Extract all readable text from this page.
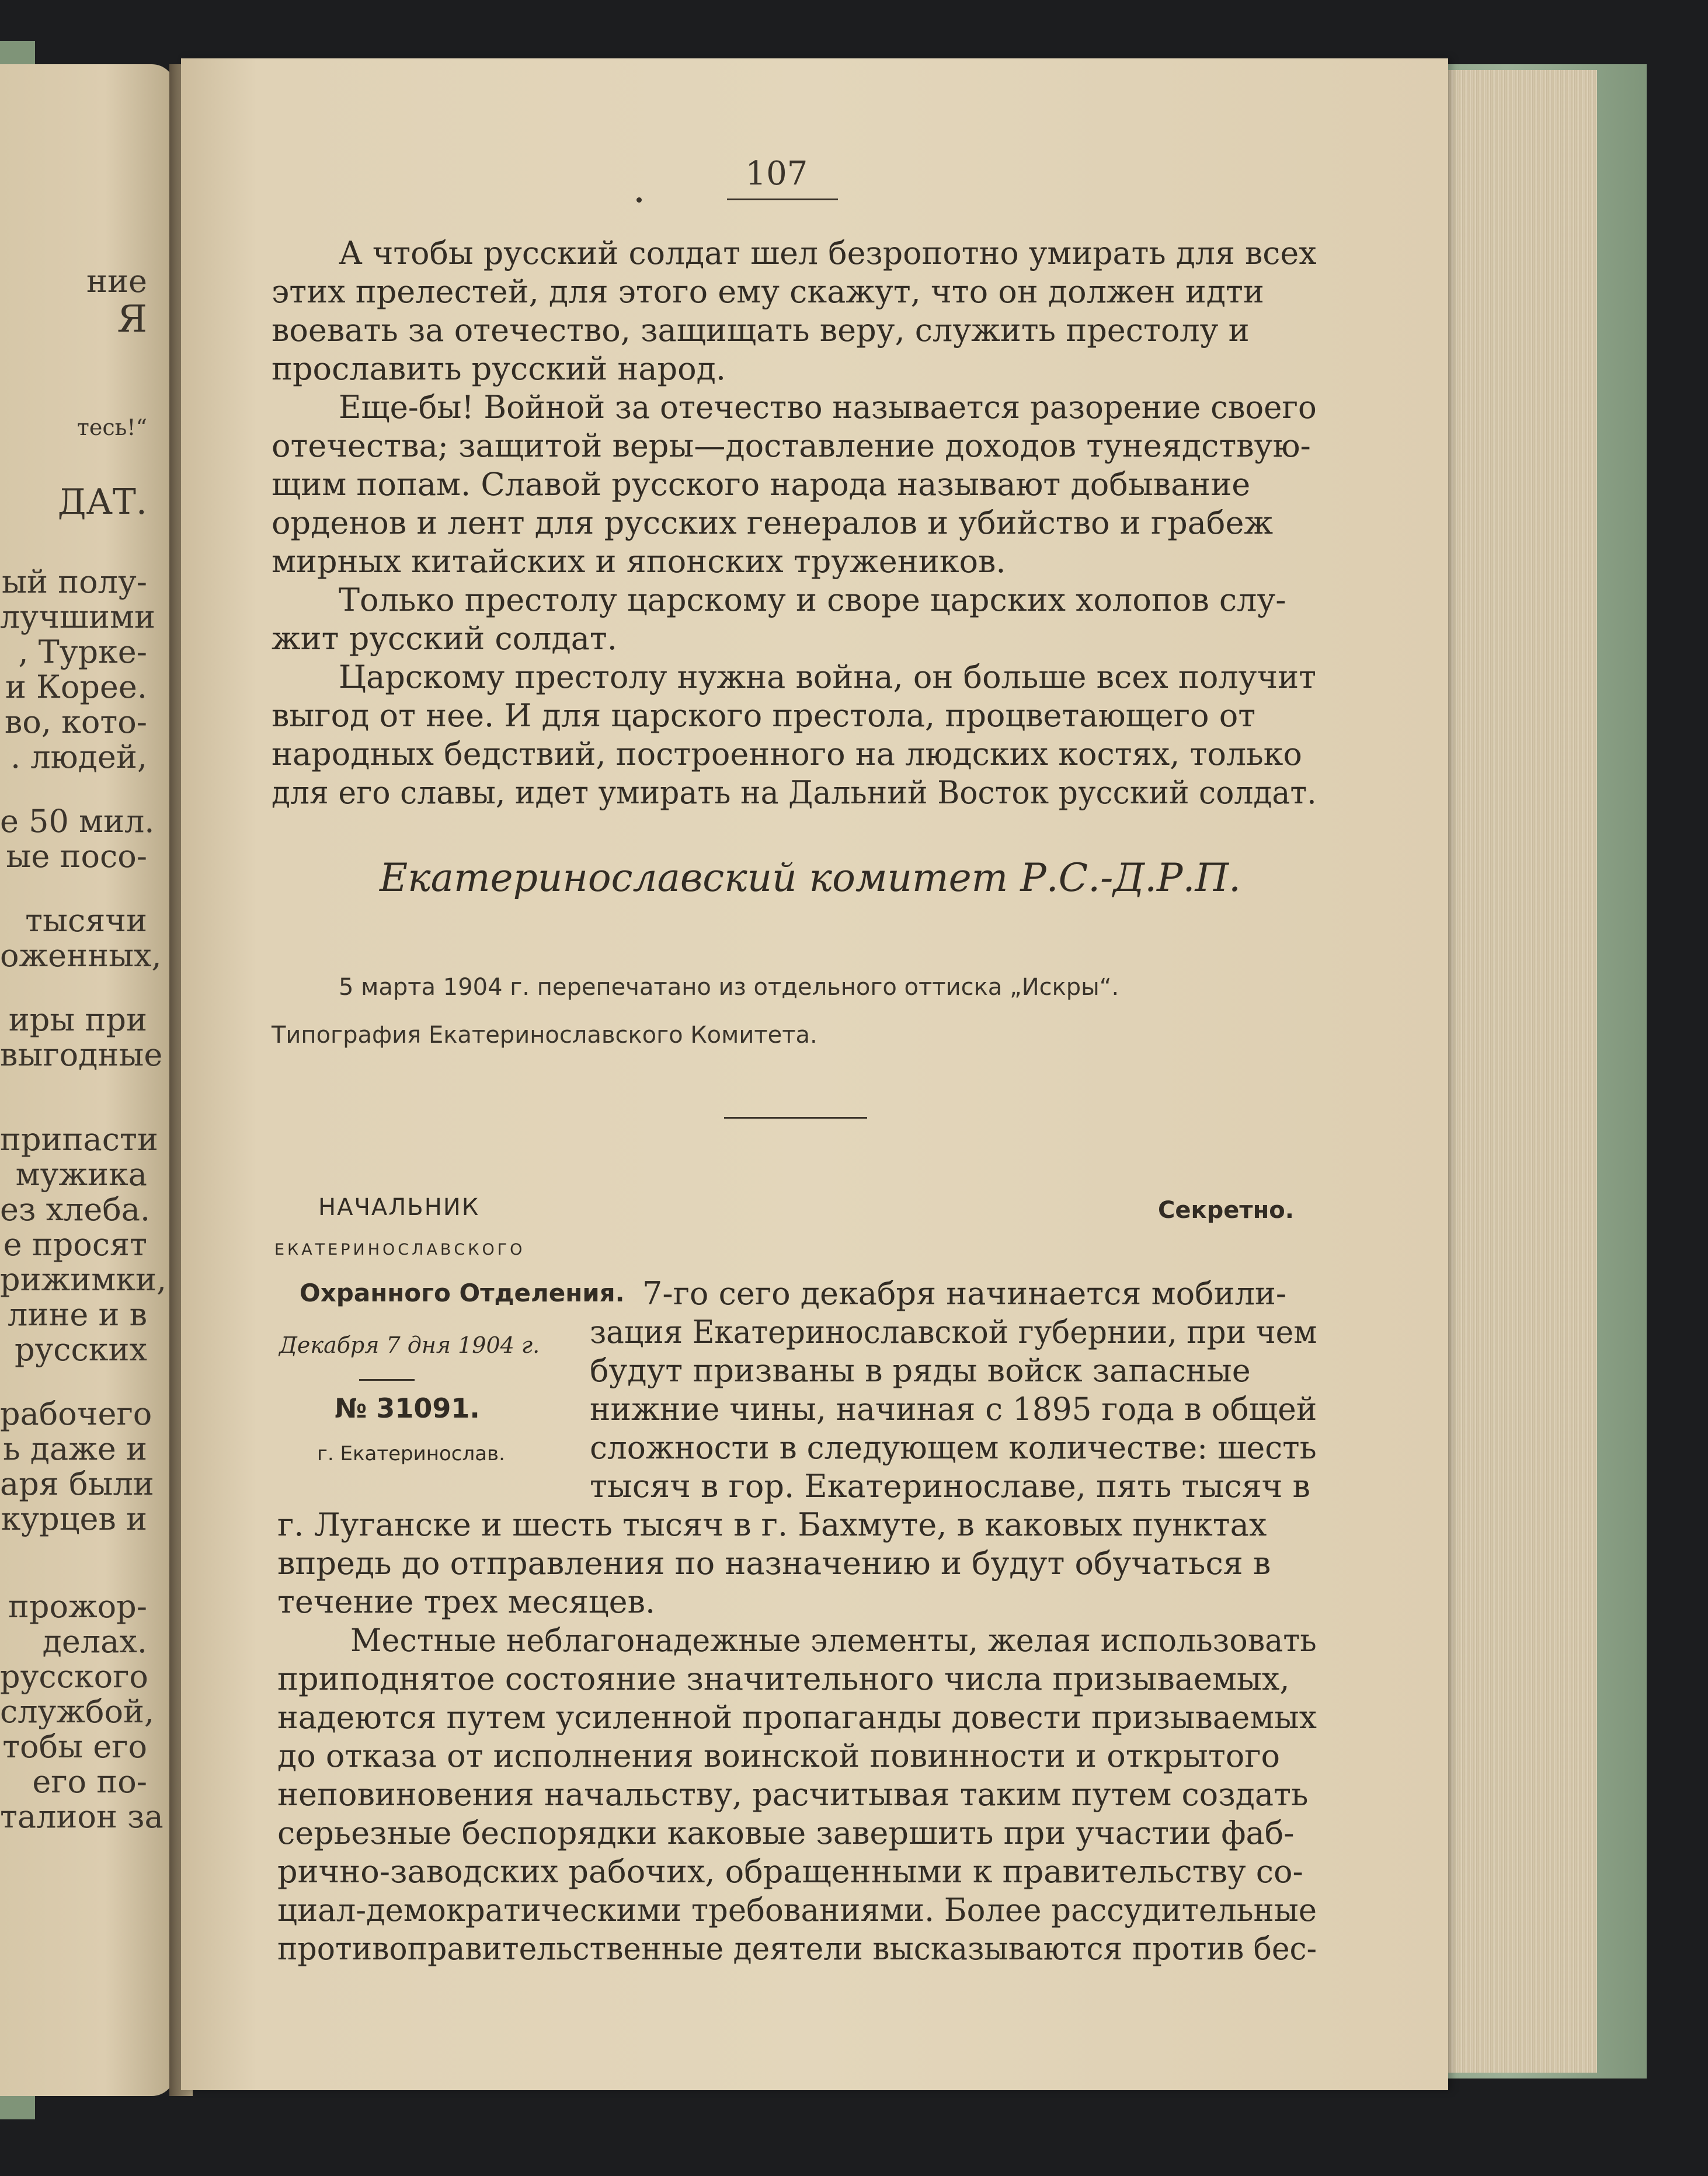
ние
Я
тесь!“
ДАТ.
ый полу-
лучшими
, Турке-
и Корее.
во, кото-
. людей,
е 50 мил.
ые посо-
тысячи
оженных,
иры при
выгодные
припасти
мужика
ез хлеба.
е просят
рижимки,
лине и в
русских
рабочего
ь даже и
аря были
курцев и
прожор-
делах.
русского
службой,
тобы его
его по-
талион за
107
А чтобы русский солдат шел безропотно умирать для всех
этих прелестей, для этого ему скажут, что он должен идти
воевать за отечество, защищать веру, служить престолу и
прославить русский народ.
Еще-бы! Войной за отечество называется разорение своего
отечества; защитой веры—доставление доходов тунеядствую-
щим попам. Славой русского народа называют добывание
орденов и лент для русских генералов и убийство и грабеж
мирных китайских и японских тружеников.
Только престолу царскому и своре царских холопов слу-
жит русский солдат.
Царскому престолу нужна война, он больше всех получит
выгод от нее. И для царского престола, процветающего от
народных бедствий, построенного на людских костях, только
для его славы, идет умирать на Дальний Восток русский солдат.
Екатеринославский комитет Р.С.-Д.Р.П.
5 марта 1904 г. перепечатано из отдельного оттиска „Искры“.
Типография Екатеринославского Комитета.
НАЧАЛЬНИК
ЕКАТЕРИНОСЛАВСКОГО
Охранного Отделения.
Декабря 7 дня 1904 г.
№ 31091.
г. Екатеринослав.
Секретно.
7-го сего декабря начинается мобили-
зация Екатеринославской губернии, при чем
будут призваны в ряды войск запасные
нижние чины, начиная с 1895 года в общей
сложности в следующем количестве: шесть
тысяч в гор. Екатеринославе, пять тысяч в
г. Луганске и шесть тысяч в г. Бахмуте, в каковых пунктах
впредь до отправления по назначению и будут обучаться в
течение трех месяцев.
Местные неблагонадежные элементы, желая использовать
приподнятое состояние значительного числа призываемых,
надеются путем усиленной пропаганды довести призываемых
до отказа от исполнения воинской повинности и открытого
неповиновения начальству, расчитывая таким путем создать
серьезные беспорядки каковые завершить при участии фаб-
рично-заводских рабочих, обращенными к правительству со-
циал-демократическими требованиями. Более расcудительные
противоправительственные деятели высказываются против бес-
